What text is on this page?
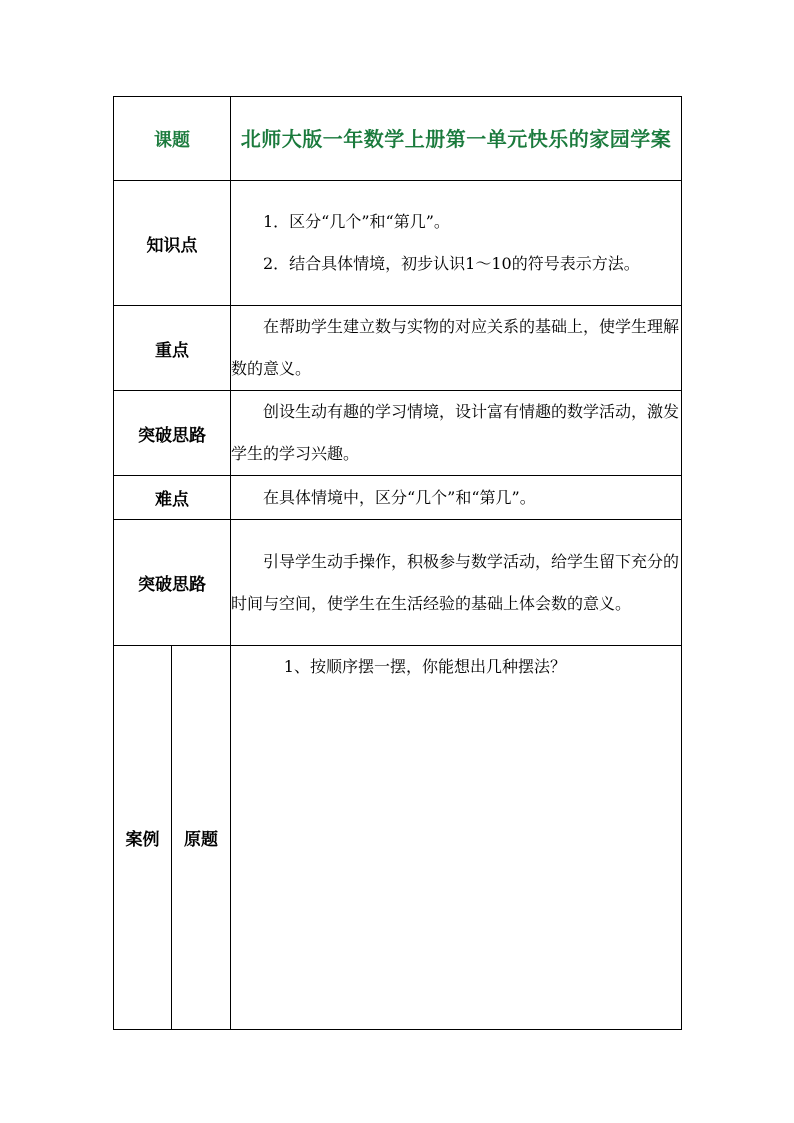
课题		北师大版一年数学上册第一单元快乐的家园学案
知识点		1．区分“几个”和“第几”。

2．结合具体情境，初步认识1～10的符号表示方法。

重点		在帮助学生建立数与实物的对应关系的基础上，使学生理解数的意义。

突破思路		创设生动有趣的学习情境，设计富有情趣的数学活动，激发学生的学习兴趣。

难点		在具体情境中，区分“几个”和“第几”。

突破思路		引导学生动手操作，积极参与数学活动，给学生留下充分的时间与空间，使学生在生活经验的基础上体会数的意义。

案例	原题	1、按顺序摆一摆，你能想出几种摆法？
